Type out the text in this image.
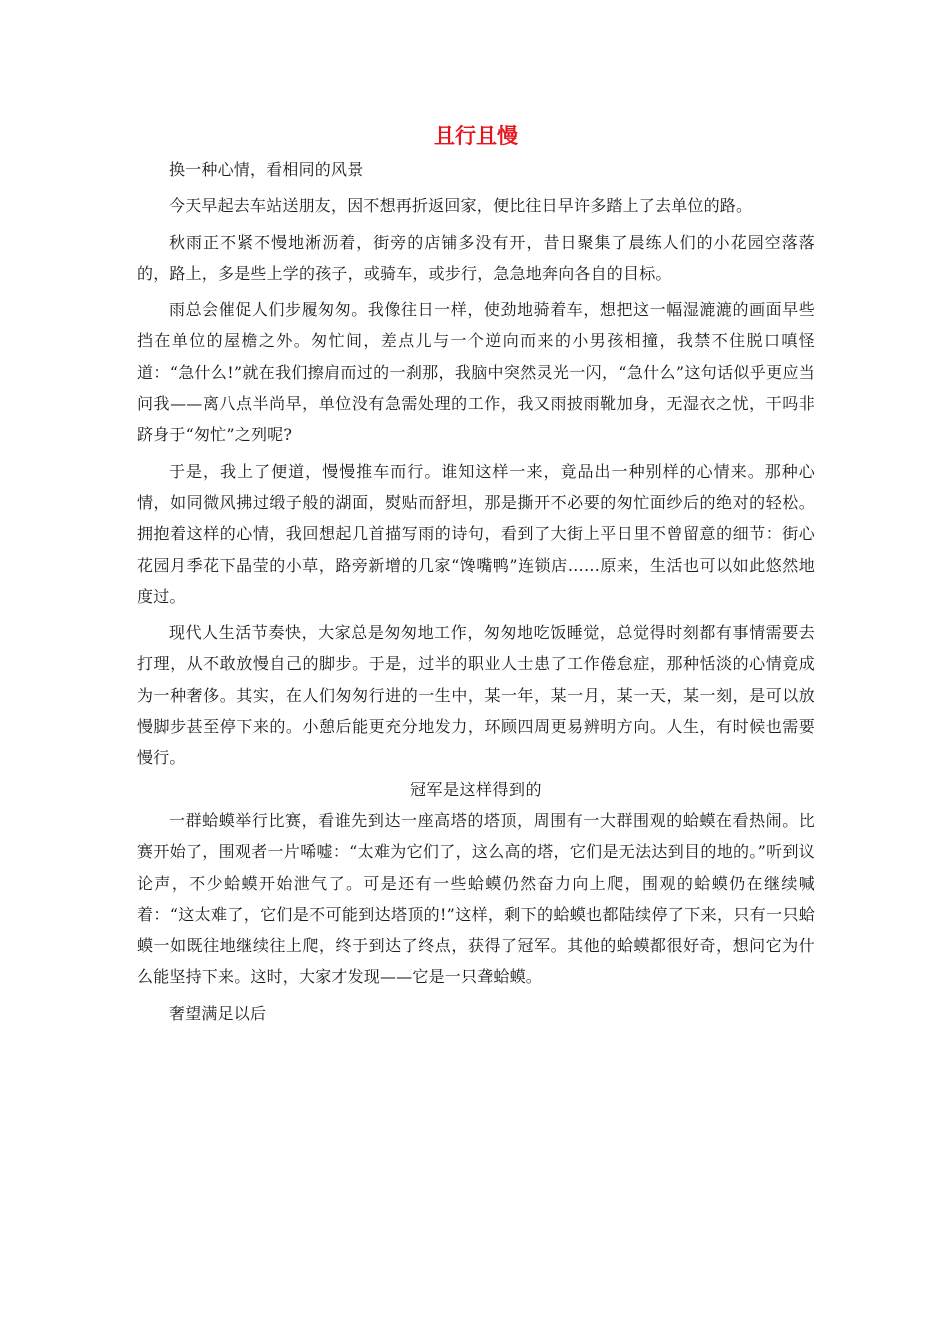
且行且慢

换一种心情，看相同的风景

今天早起去车站送朋友，因不想再折返回家，便比往日早许多踏上了去单位的路。

秋雨正不紧不慢地淅沥着，街旁的店铺多没有开，昔日聚集了晨练人们的小花园空落落的，路上，多是些上学的孩子，或骑车，或步行，急急地奔向各自的目标。

雨总会催促人们步履匆匆。我像往日一样，使劲地骑着车，想把这一幅湿漉漉的画面早些挡在单位的屋檐之外。匆忙间，差点儿与一个逆向而来的小男孩相撞，我禁不住脱口嗔怪道：“急什么!”就在我们擦肩而过的一刹那，我脑中突然灵光一闪，“急什么”这句话似乎更应当问我——离八点半尚早，单位没有急需处理的工作，我又雨披雨靴加身，无湿衣之忧，干吗非跻身于“匆忙”之列呢?

于是，我上了便道，慢慢推车而行。谁知这样一来，竟品出一种别样的心情来。那种心情，如同微风拂过缎子般的湖面，熨贴而舒坦，那是撕开不必要的匆忙面纱后的绝对的轻松。拥抱着这样的心情，我回想起几首描写雨的诗句，看到了大街上平日里不曾留意的细节：街心花园月季花下晶莹的小草，路旁新增的几家“馋嘴鸭”连锁店……原来，生活也可以如此悠然地度过。

现代人生活节奏快，大家总是匆匆地工作，匆匆地吃饭睡觉，总觉得时刻都有事情需要去打理，从不敢放慢自己的脚步。于是，过半的职业人士患了工作倦怠症，那种恬淡的心情竟成为一种奢侈。其实，在人们匆匆行进的一生中，某一年，某一月，某一天，某一刻，是可以放慢脚步甚至停下来的。小憩后能更充分地发力，环顾四周更易辨明方向。人生，有时候也需要慢行。

冠军是这样得到的

一群蛤蟆举行比赛，看谁先到达一座高塔的塔顶，周围有一大群围观的蛤蟆在看热闹。比赛开始了，围观者一片唏嘘：“太难为它们了，这么高的塔，它们是无法达到目的地的。”听到议论声，不少蛤蟆开始泄气了。可是还有一些蛤蟆仍然奋力向上爬，围观的蛤蟆仍在继续喊着：“这太难了，它们是不可能到达塔顶的!”这样，剩下的蛤蟆也都陆续停了下来，只有一只蛤蟆一如既往地继续往上爬，终于到达了终点，获得了冠军。其他的蛤蟆都很好奇，想问它为什么能坚持下来。这时，大家才发现——它是一只聋蛤蟆。

奢望满足以后
